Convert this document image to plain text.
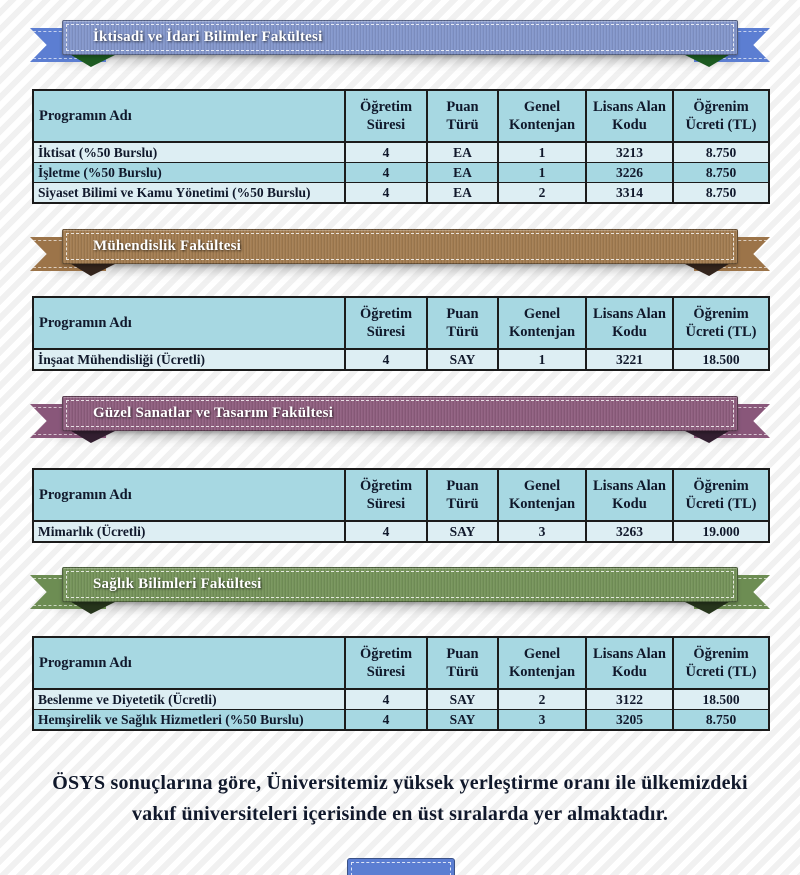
İktisadi ve İdari Bilimler Fakültesi
Programın Adı	Öğretim Süresi	Puan Türü	Genel Kontenjan	Lisans Alan Kodu	Öğrenim Ücreti (TL)
İktisat (%50 Burslu)	4	EA	1	3213	8.750
İşletme (%50 Burslu)	4	EA	1	3226	8.750
Siyaset Bilimi ve Kamu Yönetimi (%50 Burslu)	4	EA	2	3314	8.750
Mühendislik Fakültesi
Programın Adı	Öğretim Süresi	Puan Türü	Genel Kontenjan	Lisans Alan Kodu	Öğrenim Ücreti (TL)
İnşaat Mühendisliği (Ücretli)	4	SAY	1	3221	18.500
Güzel Sanatlar ve Tasarım Fakültesi
Programın Adı	Öğretim Süresi	Puan Türü	Genel Kontenjan	Lisans Alan Kodu	Öğrenim Ücreti (TL)
Mimarlık (Ücretli)	4	SAY	3	3263	19.000
Sağlık Bilimleri Fakültesi
Programın Adı	Öğretim Süresi	Puan Türü	Genel Kontenjan	Lisans Alan Kodu	Öğrenim Ücreti (TL)
Beslenme ve Diyetetik (Ücretli)	4	SAY	2	3122	18.500
Hemşirelik ve Sağlık Hizmetleri (%50 Burslu)	4	SAY	3	3205	8.750
ÖSYS sonuçlarına göre, Üniversitemiz yüksek yerleştirme oranı ile ülkemizdeki
vakıf üniversiteleri içerisinde en üst sıralarda yer almaktadır.
